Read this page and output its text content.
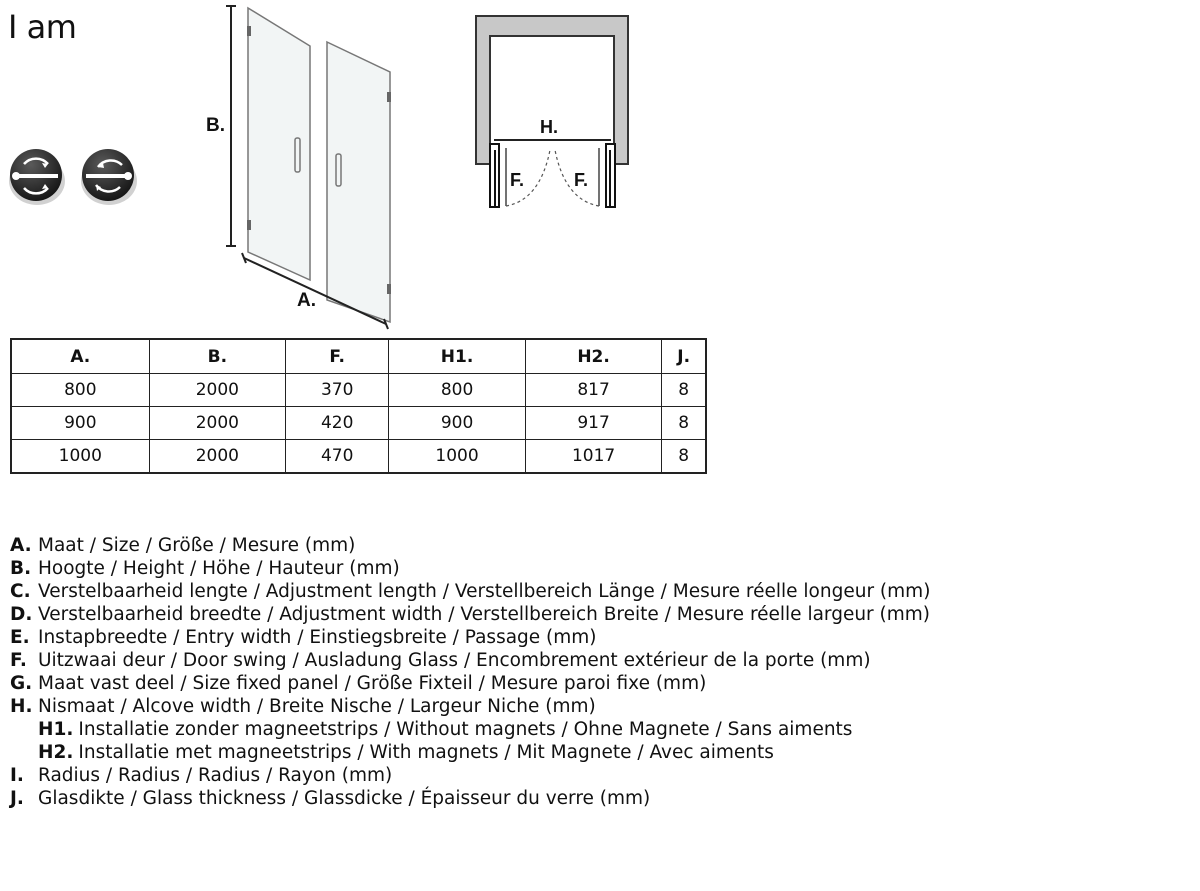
I am
B.
A.
H.
F.	F.
A.	B.	F.	H1.	H2.	J.
800	2000	370	800	817	8
900	2000	420	900	917	8
1000	2000	470	1000	1017	8
A. Maat / Size / Größe / Mesure (mm)
B. Hoogte / Height / Höhe / Hauteur (mm)
C. Verstelbaarheid lengte / Adjustment length / Verstellbereich Länge / Mesure réelle longeur (mm)
D. Verstelbaarheid breedte / Adjustment width / Verstellbereich Breite / Mesure réelle largeur (mm)
E. Instapbreedte / Entry width / Einstiegsbreite / Passage (mm)
F. Uitzwaai deur / Door swing / Ausladung Glass / Encombrement extérieur de la porte (mm)
G. Maat vast deel / Size fixed panel / Größe Fixteil / Mesure paroi fixe (mm)
H. Nismaat / Alcove width / Breite Nische / Largeur Niche (mm)
H1. Installatie zonder magneetstrips / Without magnets / Ohne Magnete / Sans aiments
H2. Installatie met magneetstrips / With magnets / Mit Magnete / Avec aiments
I. Radius / Radius / Radius / Rayon (mm)
J. Glasdikte / Glass thickness / Glassdicke / Épaisseur du verre (mm)
